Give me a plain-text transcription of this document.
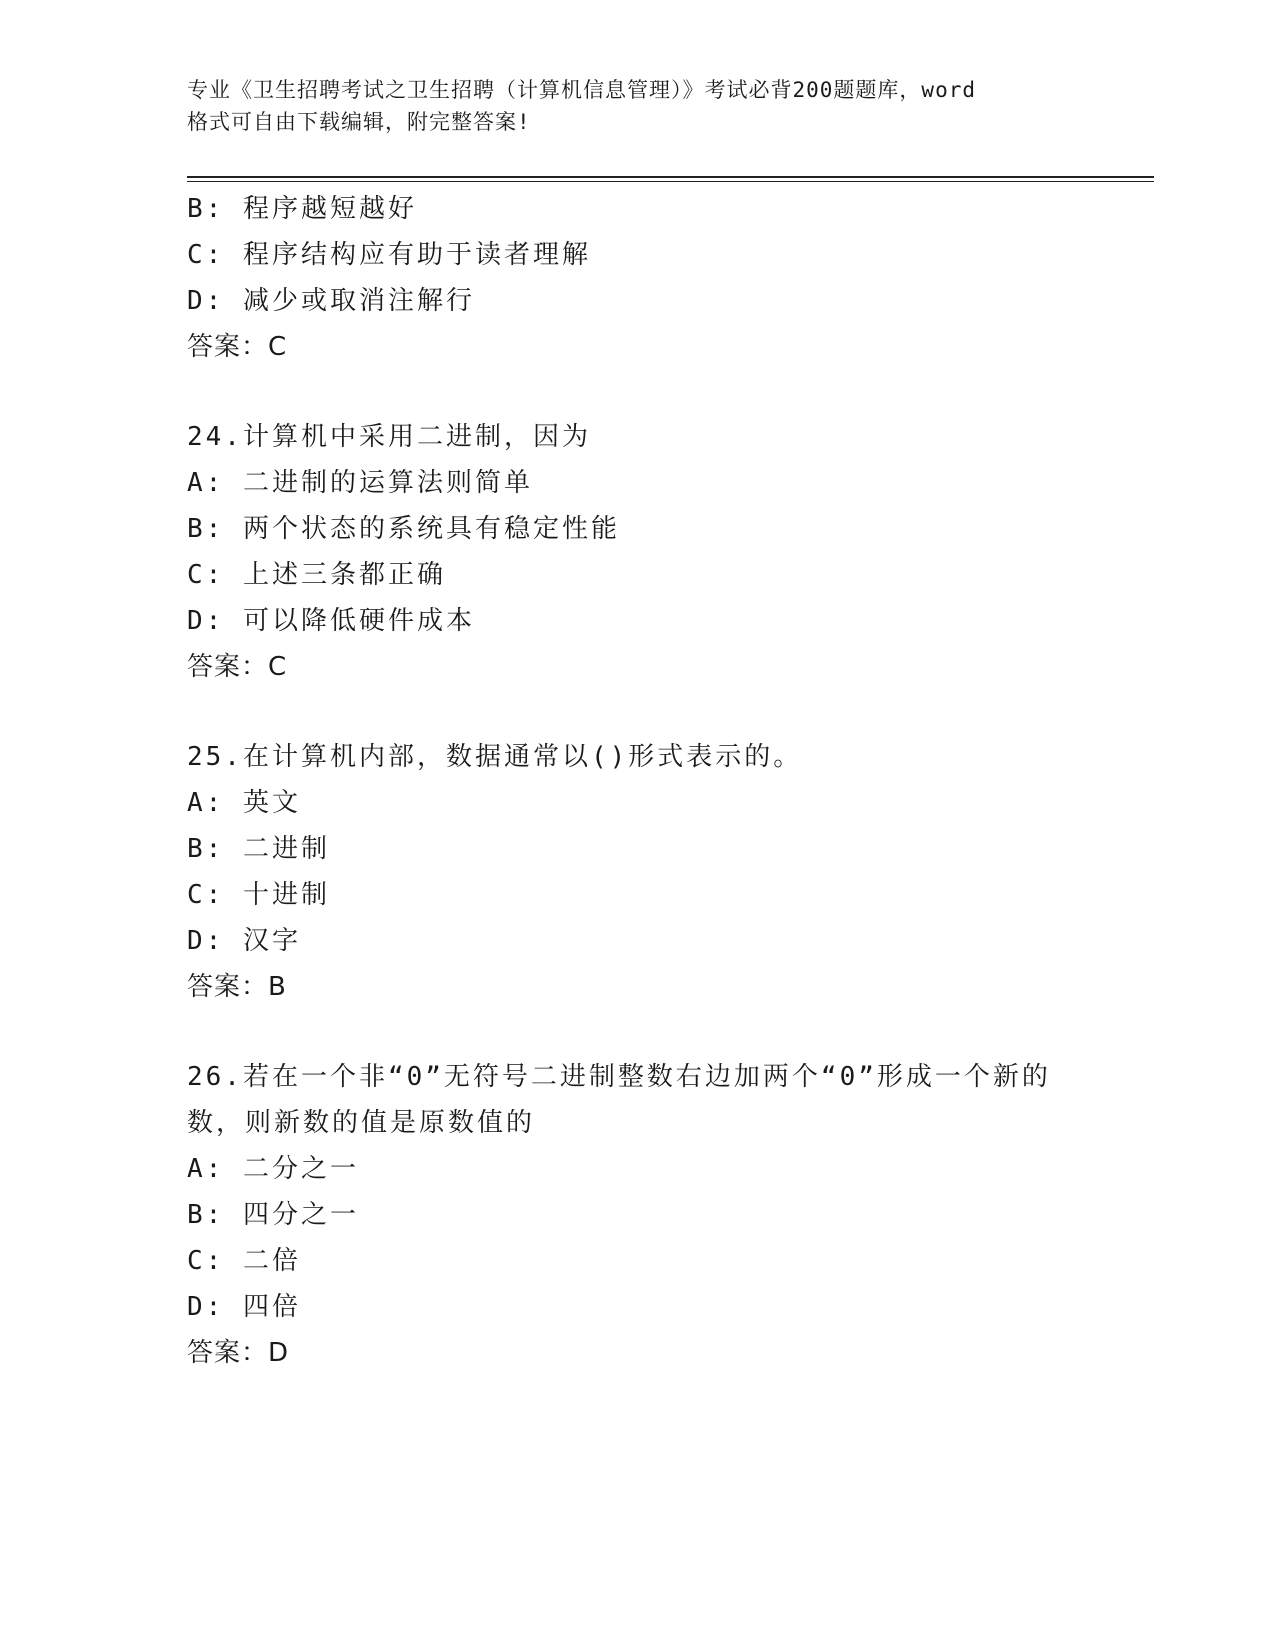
专业《卫生招聘考试之卫生招聘（计算机信息管理）》考试必背200题题库，word
格式可自由下载编辑，附完整答案!
B: 程序越短越好
C: 程序结构应有助于读者理解
D: 减少或取消注解行
答案：C
24.计算机中采用二进制，因为
A: 二进制的运算法则简单
B: 两个状态的系统具有稳定性能
C: 上述三条都正确
D: 可以降低硬件成本
答案：C
25.在计算机内部，数据通常以()形式表示的。
A: 英文
B: 二进制
C: 十进制
D: 汉字
答案：B
26.若在一个非“0”无符号二进制整数右边加两个“0”形成一个新的
数，则新数的值是原数值的
A: 二分之一
B: 四分之一
C: 二倍
D: 四倍
答案：D
